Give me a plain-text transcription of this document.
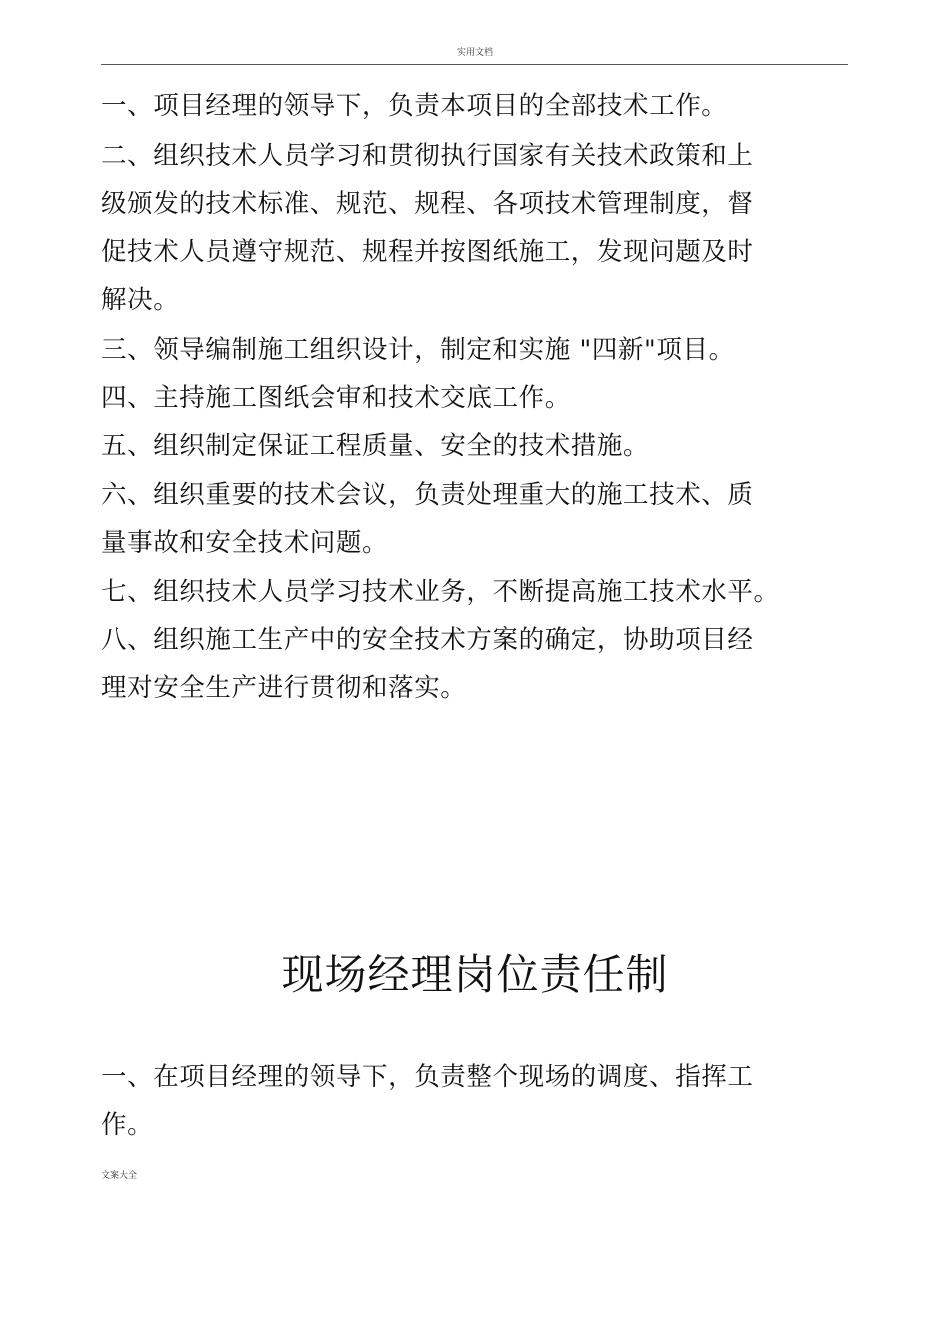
实用文档
一、项目经理的领导下，负责本项目的全部技术工作。
二、组织技术人员学习和贯彻执行国家有关技术政策和上
级颁发的技术标准、规范、规程、各项技术管理制度，督
促技术人员遵守规范、规程并按图纸施工，发现问题及时
解决。
三、领导编制施工组织设计，制定和实施 "四新"项目。
四、主持施工图纸会审和技术交底工作。
五、组织制定保证工程质量、安全的技术措施。
六、组织重要的技术会议，负责处理重大的施工技术、质
量事故和安全技术问题。
七、组织技术人员学习技术业务，不断提高施工技术水平。
八、组织施工生产中的安全技术方案的确定，协助项目经
理对安全生产进行贯彻和落实。
现场经理岗位责任制
一、在项目经理的领导下，负责整个现场的调度、指挥工
作。
文案大全
